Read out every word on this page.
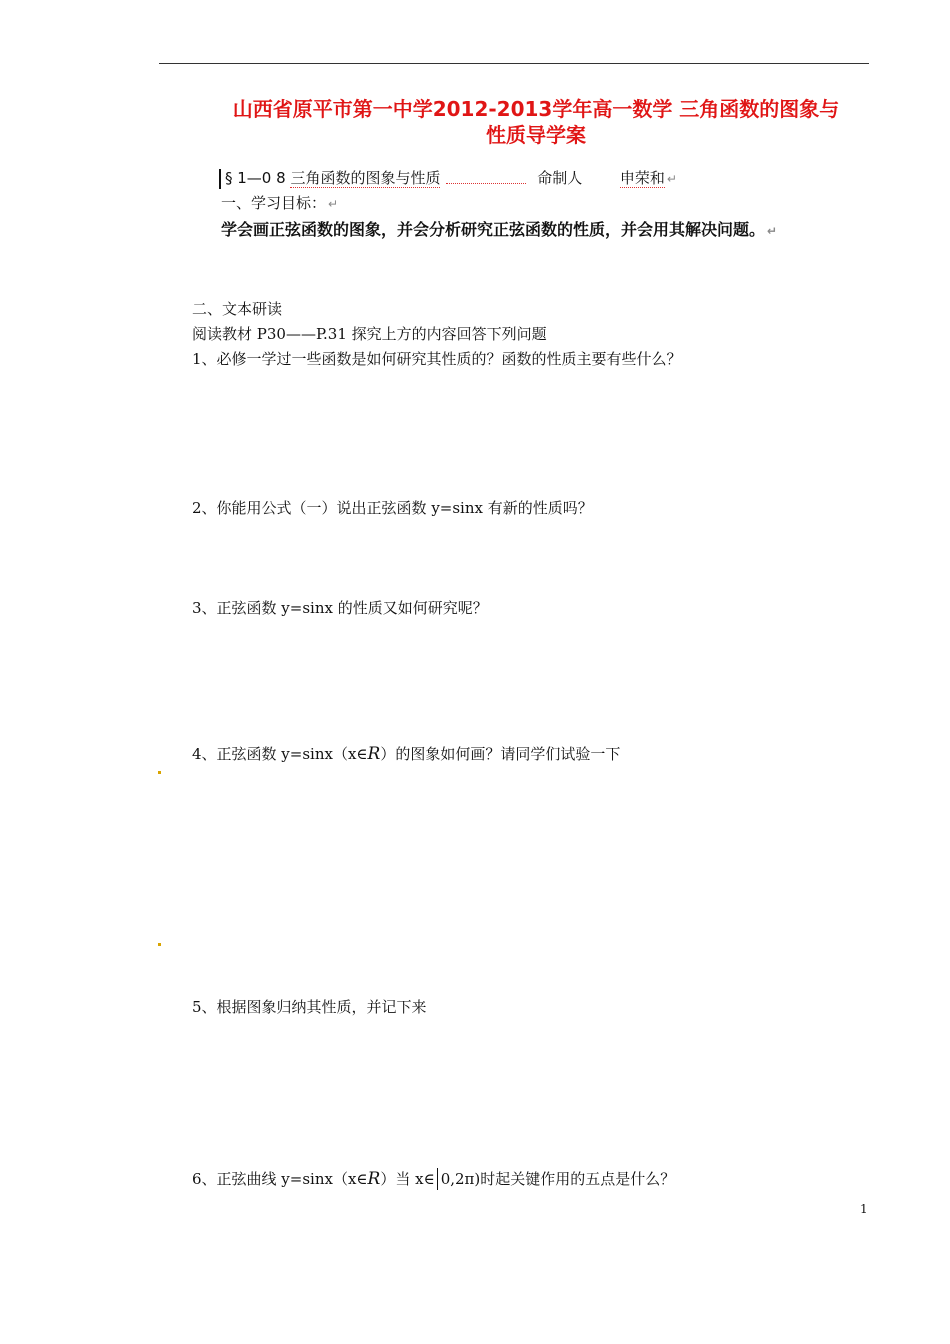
山西省原平市第一中学2012-2013学年高一数学 三角函数的图象与
性质导学案
§ 1—0 8 三角函数的图象与性质	命制人	申荣和 ↵
一、学习目标： ↵
学会画正弦函数的图象，并会分析研究正弦函数的性质，并会用其解决问题。 ↵
二、文本研读
阅读教材 P30——P.31 探究上方的内容回答下列问题
1、必修一学过一些函数是如何研究其性质的？函数的性质主要有些什么？
2、你能用公式（一）说出正弦函数 y=sinx 有新的性质吗？
3、正弦函数 y=sinx 的性质又如何研究呢？
4、正弦函数 y=sinx（x∈R）的图象如何画？请同学们试验一下
5、根据图象归纳其性质，并记下来
6、正弦曲线 y=sinx（x∈R）当 x∈ 0,2π)时起关键作用的五点是什么？
1
